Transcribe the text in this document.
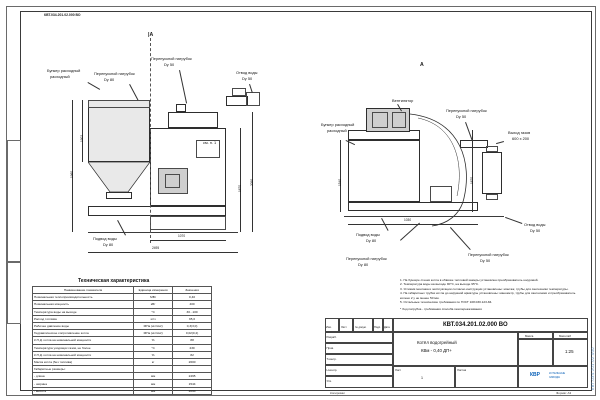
КВТ.034.201.02.000 ВО
|А
А
Бункер расходный
расходный
Перепускной патрубок
Dу 80
Перепускной патрубок
Dу 50
Отвод воды
Dу 50
Подвод воды
Dу 80
см. п. 1
1960
1902
1070
2495
2090
1670
Вентилятор
Бункер расходный
расходный
Перепускной патрубок
Dу 50
Выход газов
600 х 200
Отвод воды
Dу 50
Подвод воды
Dу 80
Перепускной патрубок
Dу 80
Перепускной патрубок
Dу 50
1540	1670
1030
Техническая характеристика
Наименование показателя	Единица измерения	Значения
Номинальная теплопроизводительность	МВт	0,40
Номинальная мощность	кВт	400
Температура воды на выходе	°С	30...100
Расход топлива	кг/ч	95,0
Рабочее давление воды	МПа (кгс/см²)	0,3(3,0)
Гидравлическое сопротивление котла	МПа (кгс/см²)	0,02(0,2)
К.П.Д. котла на номинальной мощности	%	88
Температура уходящих газов, не более	°С	230
К.П.Д. котла на номинальной мощности	%	82
Масса котла (без топлива)	кг	2600
Габаритные размеры:		
- длина	мм	2495
- ширина	мм	1544
- высота	мм	2090
1. На бункере стенки котла в обвязке тепловой камеры установлен преобразователь шнуровой.
2. Температура воды на выходе 90°С, на выходе 95°С.
3. Условия монтажа и эксплуатации согласно инструкции установлены: монтаж, трубы для сантехники температуры.
4. На габаритных трубах котла до наружной арматуры установлены: манометр, трубы для сантехники и преобразователь колено 2 у не менее 50 мм.
5. Остальные технические требования по ГОСТ 108.030.123-84.
* Ход патрубка - требования способа газоперекачивания
КВТ.034.201.02.000 ВО
Изм.	Лист	№ докум.	Подп. Дата
Разраб.
Пров.
Т.контр.
Н.контр.
Утв.
Котёл водогрейный
КВм - 0,40 ДП+
Масса	Масштаб
1:25
Лист	Листов
1	КВР	КОТЕЛЬНЫЕ
ЗАВОДЫ
Копировал	Формат А3
КВТ.034.201.02.000
